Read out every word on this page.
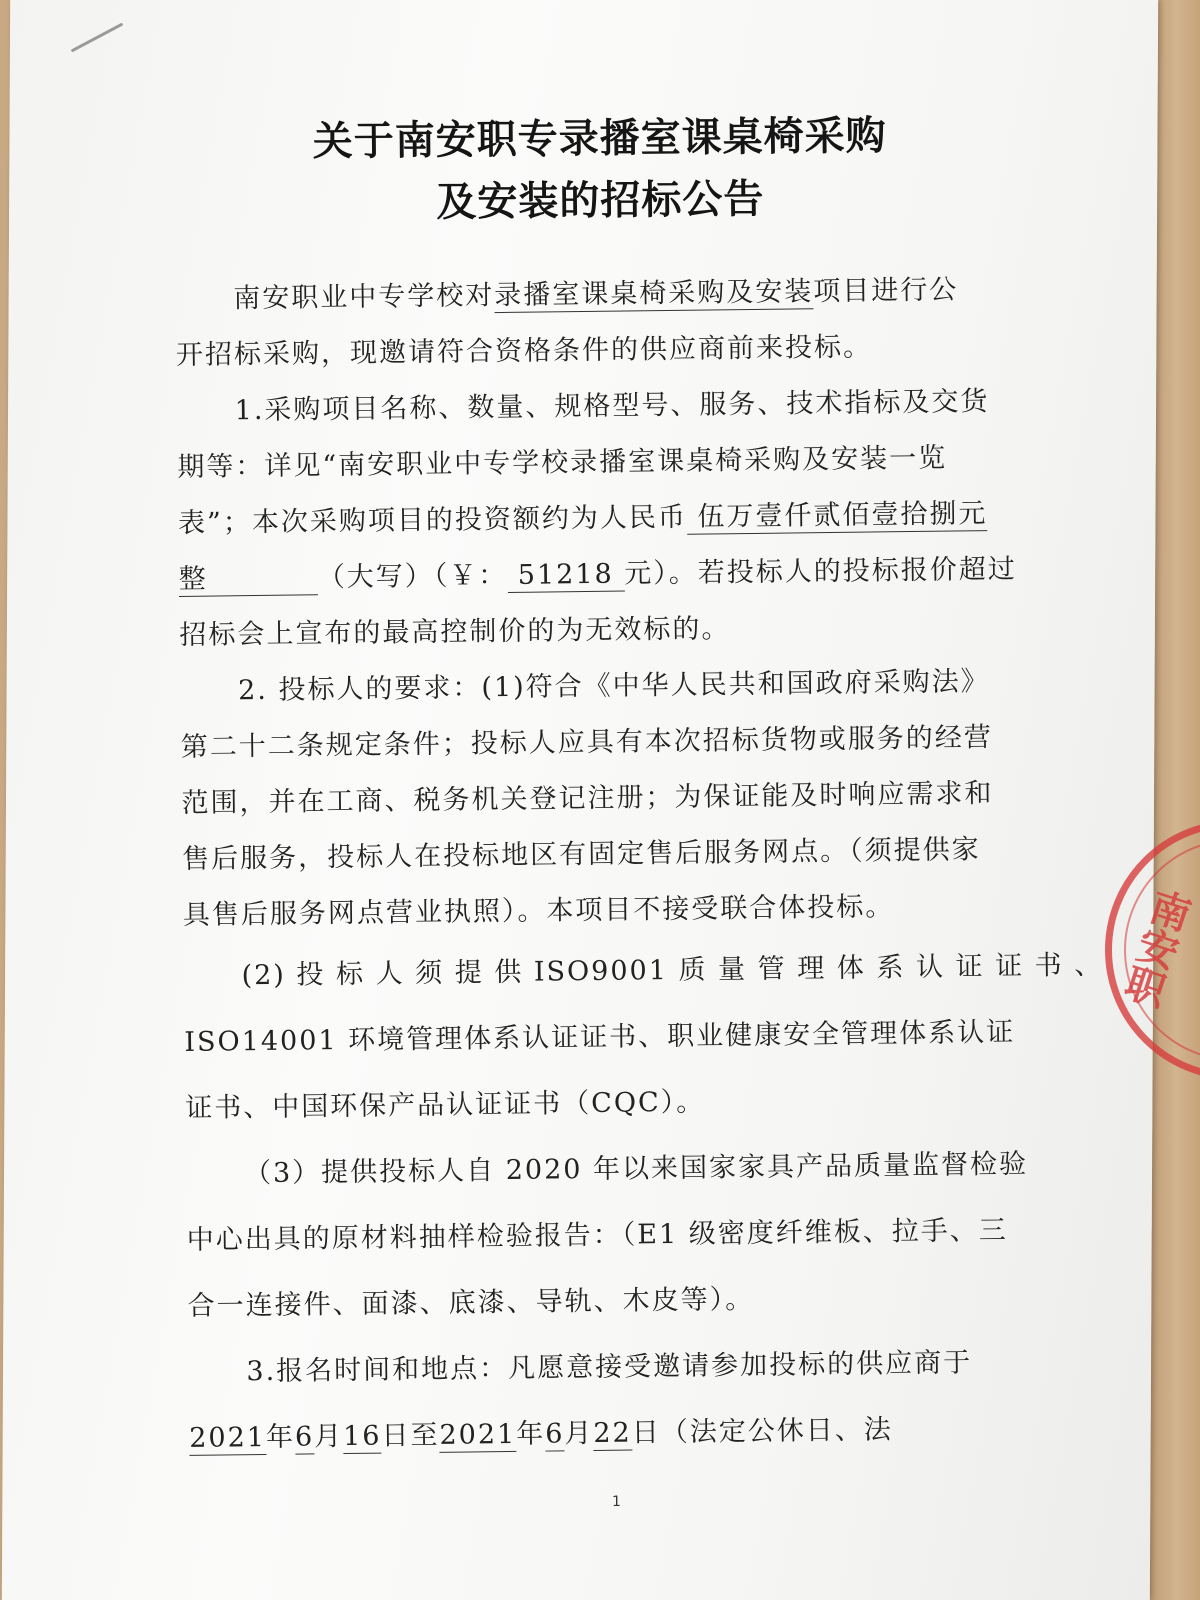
关于南安职专录播室课桌椅采购
及安装的招标公告
南安职业中专学校对录播室课桌椅采购及安装项目进行公
开招标采购，现邀请符合资格条件的供应商前来投标。
1.采购项目名称、数量、规格型号、服务、技术指标及交货
期等：详见“南安职业中专学校录播室课桌椅采购及安装一览
表”；本次采购项目的投资额约为人民币 伍万壹仟贰佰壹拾捌元
整	（大写）（￥： 51218 元）。若投标人的投标报价超过
招标会上宣布的最高控制价的为无效标的。
2. 投标人的要求：(1)符合《中华人民共和国政府采购法》
第二十二条规定条件；投标人应具有本次招标货物或服务的经营
范围，并在工商、税务机关登记注册；为保证能及时响应需求和
售后服务，投标人在投标地区有固定售后服务网点。（须提供家
具售后服务网点营业执照）。本项目不接受联合体投标。
(2) 投 标 人 须 提 供 ISO9001 质 量 管 理 体 系 认 证 证 书 、
ISO14001 环境管理体系认证证书、职业健康安全管理体系认证
证书、中国环保产品认证证书（CQC）。
（3）提供投标人自 2020 年以来国家家具产品质量监督检验
中心出具的原材料抽样检验报告：（E1 级密度纤维板、拉手、三
合一连接件、面漆、底漆、导轨、木皮等）。
3.报名时间和地点：凡愿意接受邀请参加投标的供应商于
2021年6月16日至2021年6月22日（法定公休日、法
1
南安职
